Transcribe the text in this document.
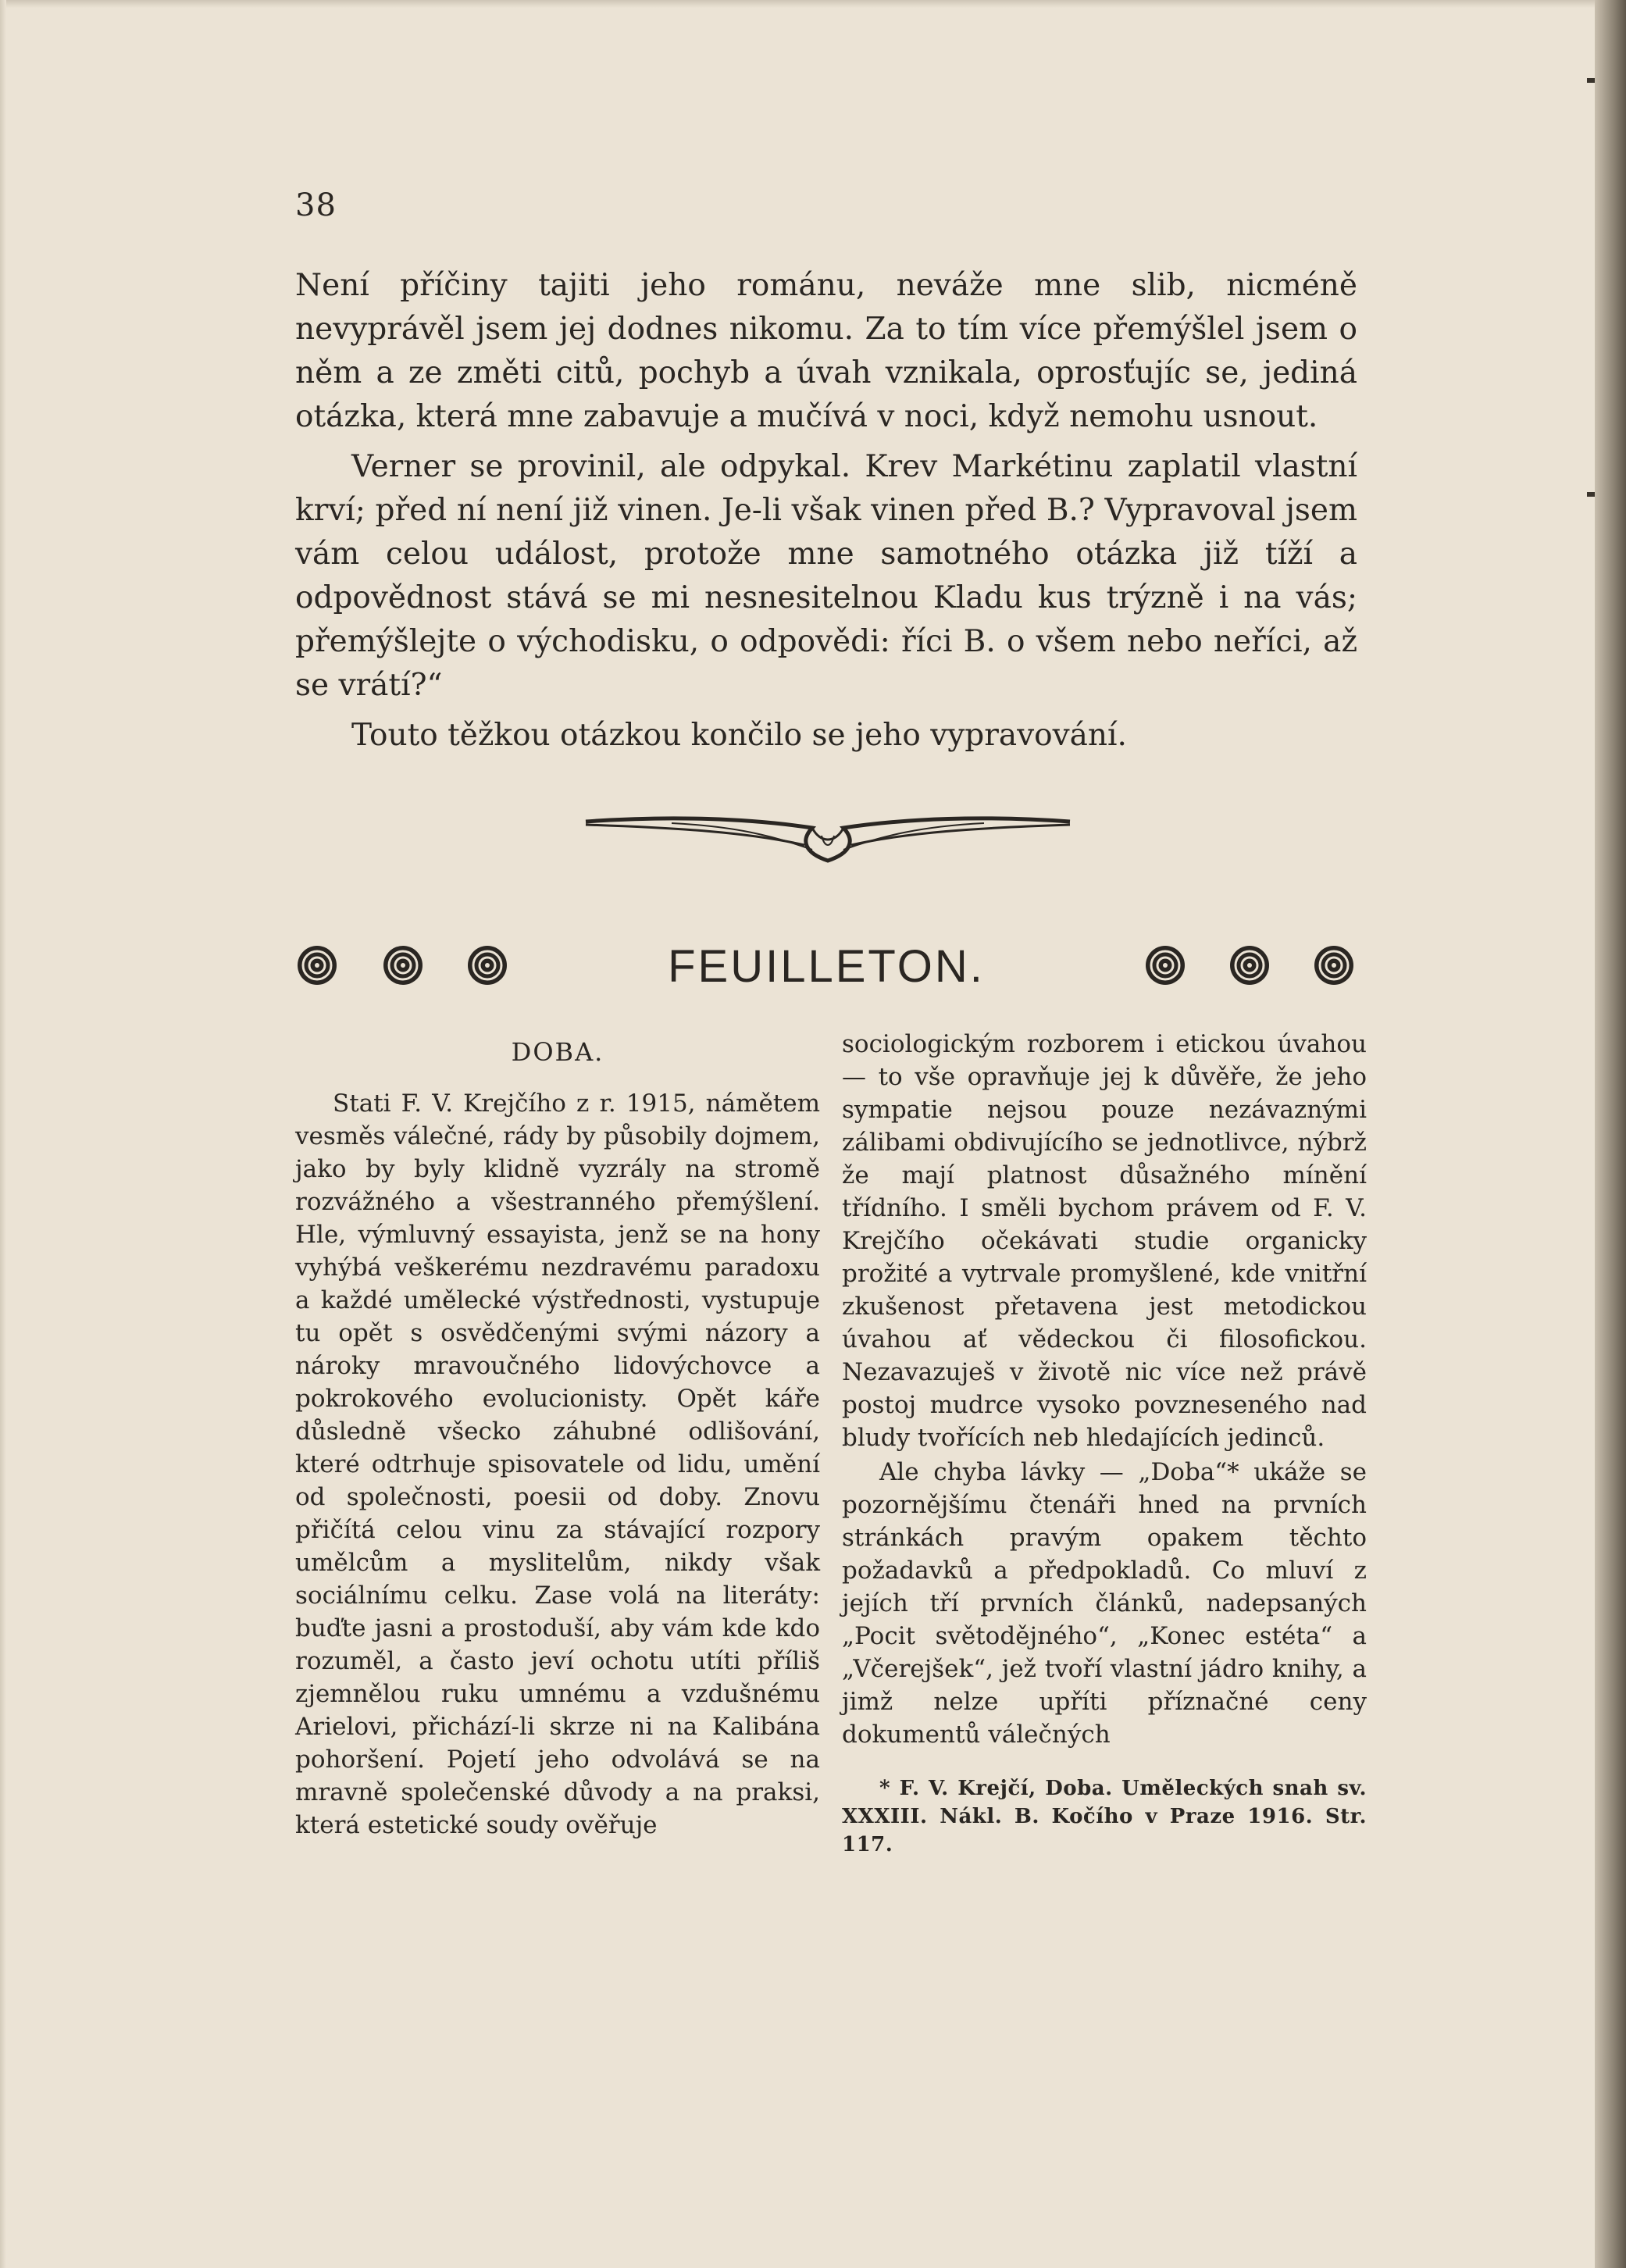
38

Není příčiny tajiti jeho románu, neváže mne slib, nicméně nevyprávěl jsem jej dodnes nikomu. Za to tím více přemýšlel jsem o něm a ze změti citů, pochyb a úvah vznikala, oprosťujíc se, jediná otázka, která mne zabavuje a mučívá v noci, když nemohu usnout.

Verner se provinil, ale odpykal. Krev Markétinu zaplatil vlastní krví; před ní není již vinen. Je-li však vinen před B.? Vypravoval jsem vám celou událost, protože mne samotného otázka již tíží a odpovědnost stává se mi nesnesitelnou Kladu kus trýzně i na vás; přemýšlejte o východisku, o odpovědi: říci B. o všem nebo neříci, až se vrátí?“

Touto těžkou otázkou končilo se jeho vypravování.

FEUILLETON.
DOBA.

Stati F. V. Krejčího z r. 1915, námětem vesměs válečné, rády by působily dojmem, jako by byly klidně vyzrály na stromě rozvážného a všestranného přemýšlení. Hle, výmluvný essayista, jenž se na hony vyhýbá veškerému nezdravému paradoxu a každé umělecké výstřednosti, vystupuje tu opět s osvědčenými svými názory a nároky mravoučného lidovýchovce a pokrokového evolucionisty. Opět káře důsledně všecko záhubné odlišování, které odtrhuje spisovatele od lidu, umění od společnosti, poesii od doby. Znovu přičítá celou vinu za stávající rozpory umělcům a myslitelům, nikdy však sociálnímu celku. Zase volá na literáty: buďte jasni a prostoduší, aby vám kde kdo rozuměl, a často jeví ochotu utíti příliš zjemnělou ruku umnému a vzdušnému Arielovi, přichází-li skrze ni na Kalibána pohoršení. Pojetí jeho odvolává se na mravně společenské důvody a na praksi, která estetické soudy ověřuje

sociologickým rozborem i etickou úvahou — to vše opravňuje jej k důvěře, že jeho sympatie nejsou pouze nezávaznými zálibami obdivujícího se jednotlivce, nýbrž že mají platnost důsažného mínění třídního. I směli bychom právem od F. V. Krejčího očekávati studie organicky prožité a vytrvale promyšlené, kde vnitřní zkušenost přetavena jest metodickou úvahou ať vědeckou či filosofickou. Nezavazuješ v životě nic více než právě postoj mudrce vysoko povzneseného nad bludy tvořících neb hledajících jedinců.

Ale chyba lávky — „Doba“* ukáže se pozornějšímu čtenáři hned na prvních stránkách pravým opakem těchto požadavků a předpokladů. Co mluví z jejích tří prvních článků, nadepsaných „Pocit světodějného“, „Konec estéta“ a „Včerejšek“, jež tvoří vlastní jádro knihy, a jimž nelze upříti příznačné ceny dokumentů válečných

* F. V. Krejčí, Doba. Uměleckých snah sv. XXXIII. Nákl. B. Kočího v Praze 1916. Str. 117.
